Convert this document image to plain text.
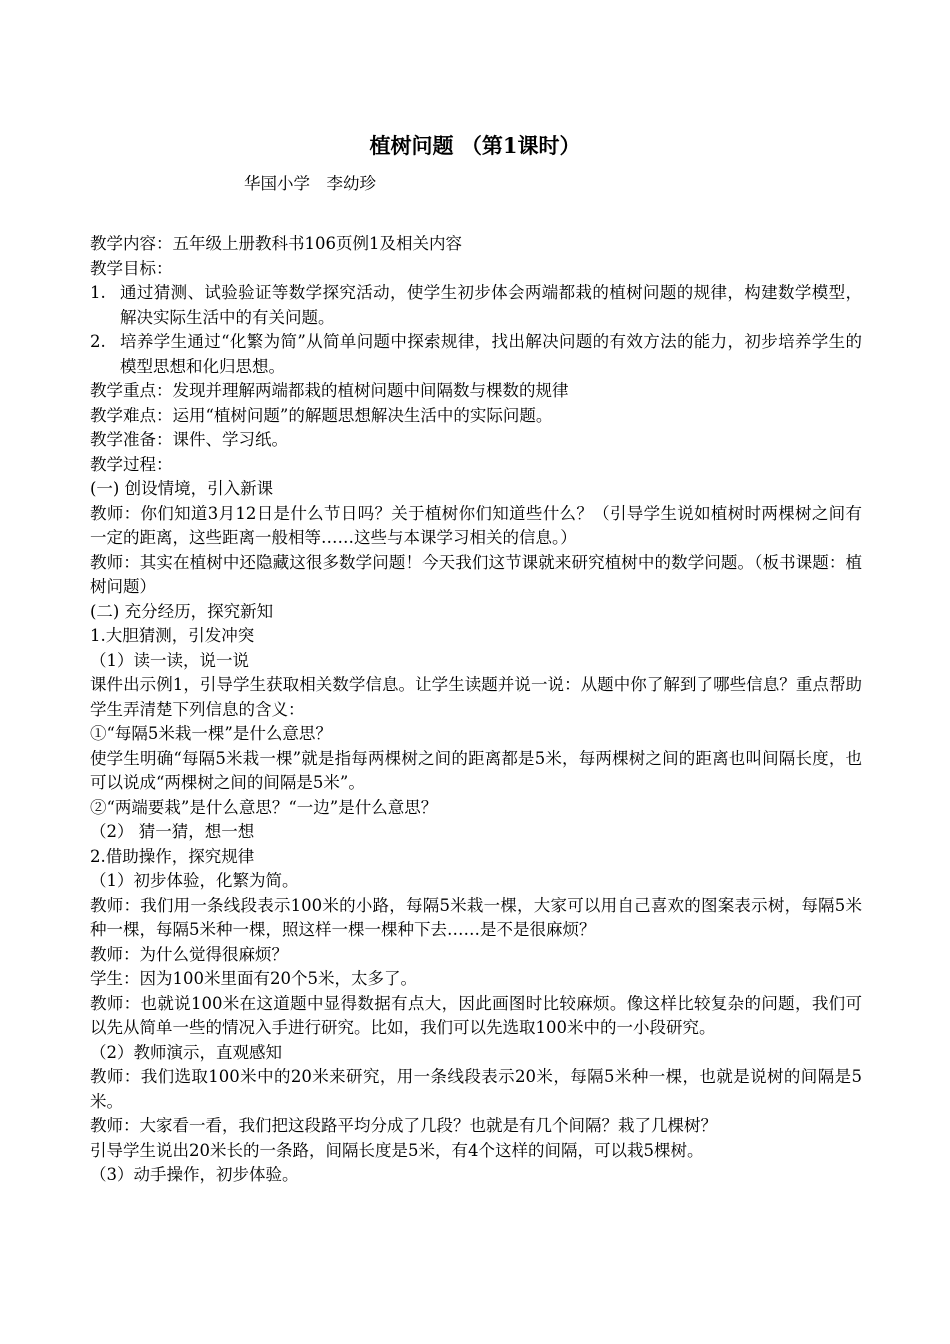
植树问题 （第1课时）
华国小学　李幼珍

教学内容：五年级上册教科书106页例1及相关内容

教学目标：

1. 通过猜测、试验验证等数学探究活动，使学生初步体会两端都栽的植树问题的规律，构建数学模型，解决实际生活中的有关问题。
2. 培养学生通过“化繁为简”从简单问题中探索规律，找出解决问题的有效方法的能力，初步培养学生的模型思想和化归思想。

教学重点：发现并理解两端都栽的植树问题中间隔数与棵数的规律

教学难点：运用“植树问题”的解题思想解决生活中的实际问题。

教学准备：课件、学习纸。

教学过程：

(一) 创设情境，引入新课

教师：你们知道3月12日是什么节日吗？关于植树你们知道些什么？（引导学生说如植树时两棵树之间有一定的距离，这些距离一般相等……这些与本课学习相关的信息。）

教师：其实在植树中还隐藏这很多数学问题！今天我们这节课就来研究植树中的数学问题。（板书课题：植树问题）

(二) 充分经历，探究新知

1.大胆猜测，引发冲突

（1）读一读，说一说

课件出示例1，引导学生获取相关数学信息。让学生读题并说一说：从题中你了解到了哪些信息？重点帮助学生弄清楚下列信息的含义：

①“每隔5米栽一棵”是什么意思？

使学生明确“每隔5米栽一棵”就是指每两棵树之间的距离都是5米，每两棵树之间的距离也叫间隔长度，也可以说成“两棵树之间的间隔是5米”。

②“两端要栽”是什么意思？“一边”是什么意思？

（2） 猜一猜，想一想

2.借助操作，探究规律

（1）初步体验，化繁为简。

教师：我们用一条线段表示100米的小路，每隔5米栽一棵，大家可以用自己喜欢的图案表示树，每隔5米种一棵，每隔5米种一棵，照这样一棵一棵种下去……是不是很麻烦？

教师：为什么觉得很麻烦？

学生：因为100米里面有20个5米，太多了。

教师：也就说100米在这道题中显得数据有点大，因此画图时比较麻烦。像这样比较复杂的问题，我们可以先从简单一些的情况入手进行研究。比如，我们可以先选取100米中的一小段研究。

（2）教师演示，直观感知

教师：我们选取100米中的20米来研究，用一条线段表示20米，每隔5米种一棵，也就是说树的间隔是5米。

教师：大家看一看，我们把这段路平均分成了几段？也就是有几个间隔？栽了几棵树？

引导学生说出20米长的一条路，间隔长度是5米，有4个这样的间隔，可以栽5棵树。

（3）动手操作，初步体验。
